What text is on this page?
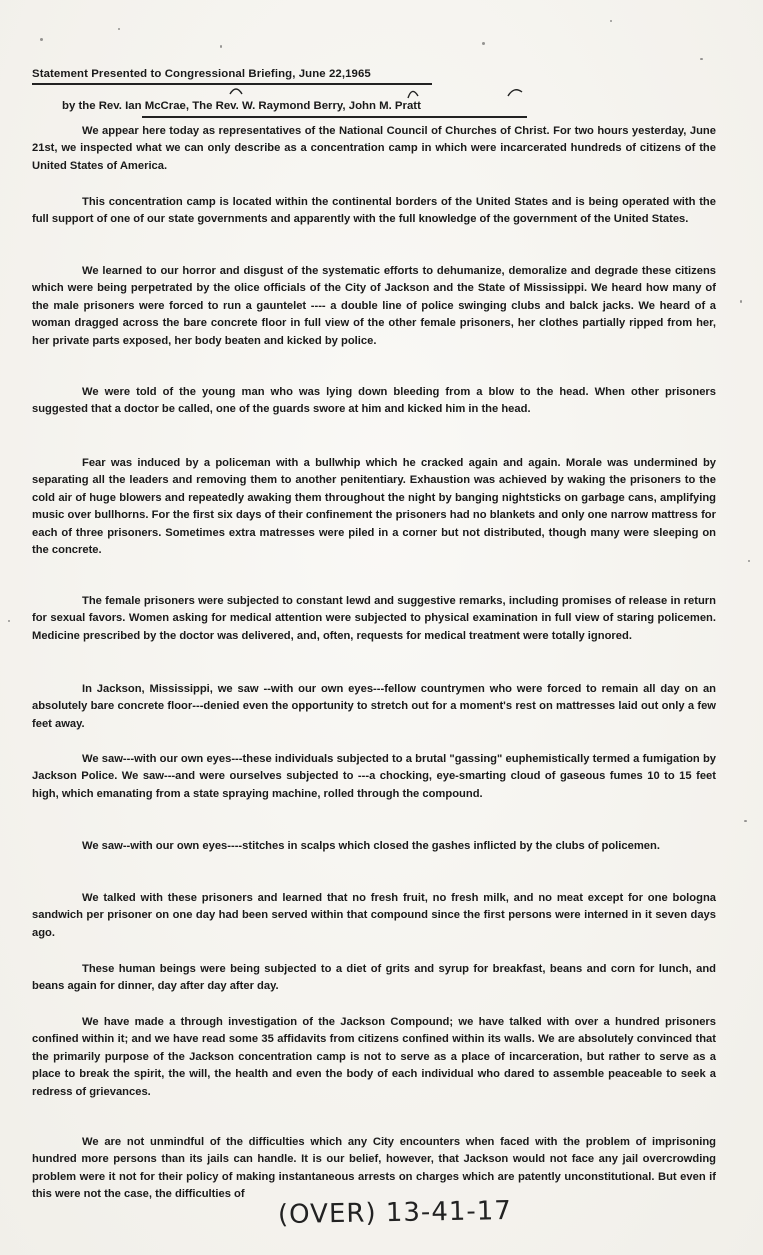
Statement Presented to Congressional Briefing, June 22,1965
by the Rev. Ian McCrae, The Rev. W. Raymond Berry, John M. Pratt

We appear here today as representatives of the National Council of Churches of Christ. For two hours yesterday, June 21st, we inspected what we can only describe as a concentration camp in which were incarcerated hundreds of citizens of the United States of America.

This concentration camp is located within the continental borders of the United States and is being operated with the full support of one of our state governments and apparently with the full knowledge of the government of the United States.

We learned to our horror and disgust of the systematic efforts to dehumanize, demoralize and degrade these citizens which were being perpetrated by the olice officials of the City of Jackson and the State of Mississippi. We heard how many of the male prisoners were forced to run a gauntelet ---- a double line of police swinging clubs and balck jacks. We heard of a woman dragged across the bare concrete floor in full view of the other female prisoners, her clothes partially ripped from her, her private parts exposed, her body beaten and kicked by police.

We were told of the young man who was lying down bleeding from a blow to the head. When other prisoners suggested that a doctor be called, one of the guards swore at him and kicked him in the head.

Fear was induced by a policeman with a bullwhip which he cracked again and again. Morale was undermined by separating all the leaders and removing them to another penitentiary. Exhaustion was achieved by waking the prisoners to the cold air of huge blowers and repeatedly awaking them throughout the night by banging nightsticks on garbage cans, amplifying music over bullhorns. For the first six days of their confinement the prisoners had no blankets and only one narrow mattress for each of three prisoners. Sometimes extra matresses were piled in a corner but not distributed, though many were sleeping on the concrete.

The female prisoners were subjected to constant lewd and suggestive remarks, including promises of release in return for sexual favors. Women asking for medical attention were subjected to physical examination in full view of staring policemen. Medicine prescribed by the doctor was delivered, and, often, requests for medical treatment were totally ignored.

In Jackson, Mississippi, we saw --with our own eyes---fellow countrymen who were forced to remain all day on an absolutely bare concrete floor---denied even the opportunity to stretch out for a moment's rest on mattresses laid out only a few feet away.

We saw---with our own eyes---these individuals subjected to a brutal "gassing" euphemistically termed a fumigation by Jackson Police. We saw---and were ourselves subjected to ---a chocking, eye-smarting cloud of gaseous fumes 10 to 15 feet high, which emanating from a state spraying machine, rolled through the compound.

We saw--with our own eyes----stitches in scalps which closed the gashes inflicted by the clubs of policemen.

We talked with these prisoners and learned that no fresh fruit, no fresh milk, and no meat except for one bologna sandwich per prisoner on one day had been served within that compound since the first persons were interned in it seven days ago.

These human beings were being subjected to a diet of grits and syrup for breakfast, beans and corn for lunch, and beans again for dinner, day after day after day.

We have made a through investigation of the Jackson Compound; we have talked with over a hundred prisoners confined within it; and we have read some 35 affidavits from citizens confined within its walls. We are absolutely convinced that the primarily purpose of the Jackson concentration camp is not to serve as a place of incarceration, but rather to serve as a place to break the spirit, the will, the health and even the body of each individual who dared to assemble peaceable to seek a redress of grievances.

We are not unmindful of the difficulties which any City encounters when faced with the problem of imprisoning hundred more persons than its jails can handle. It is our belief, however, that Jackson would not face any jail overcrowding problem were it not for their policy of making instantaneous arrests on charges which are patently unconstitutional. But even if this were not the case, the difficulties of

(OVER) 13-41-17
